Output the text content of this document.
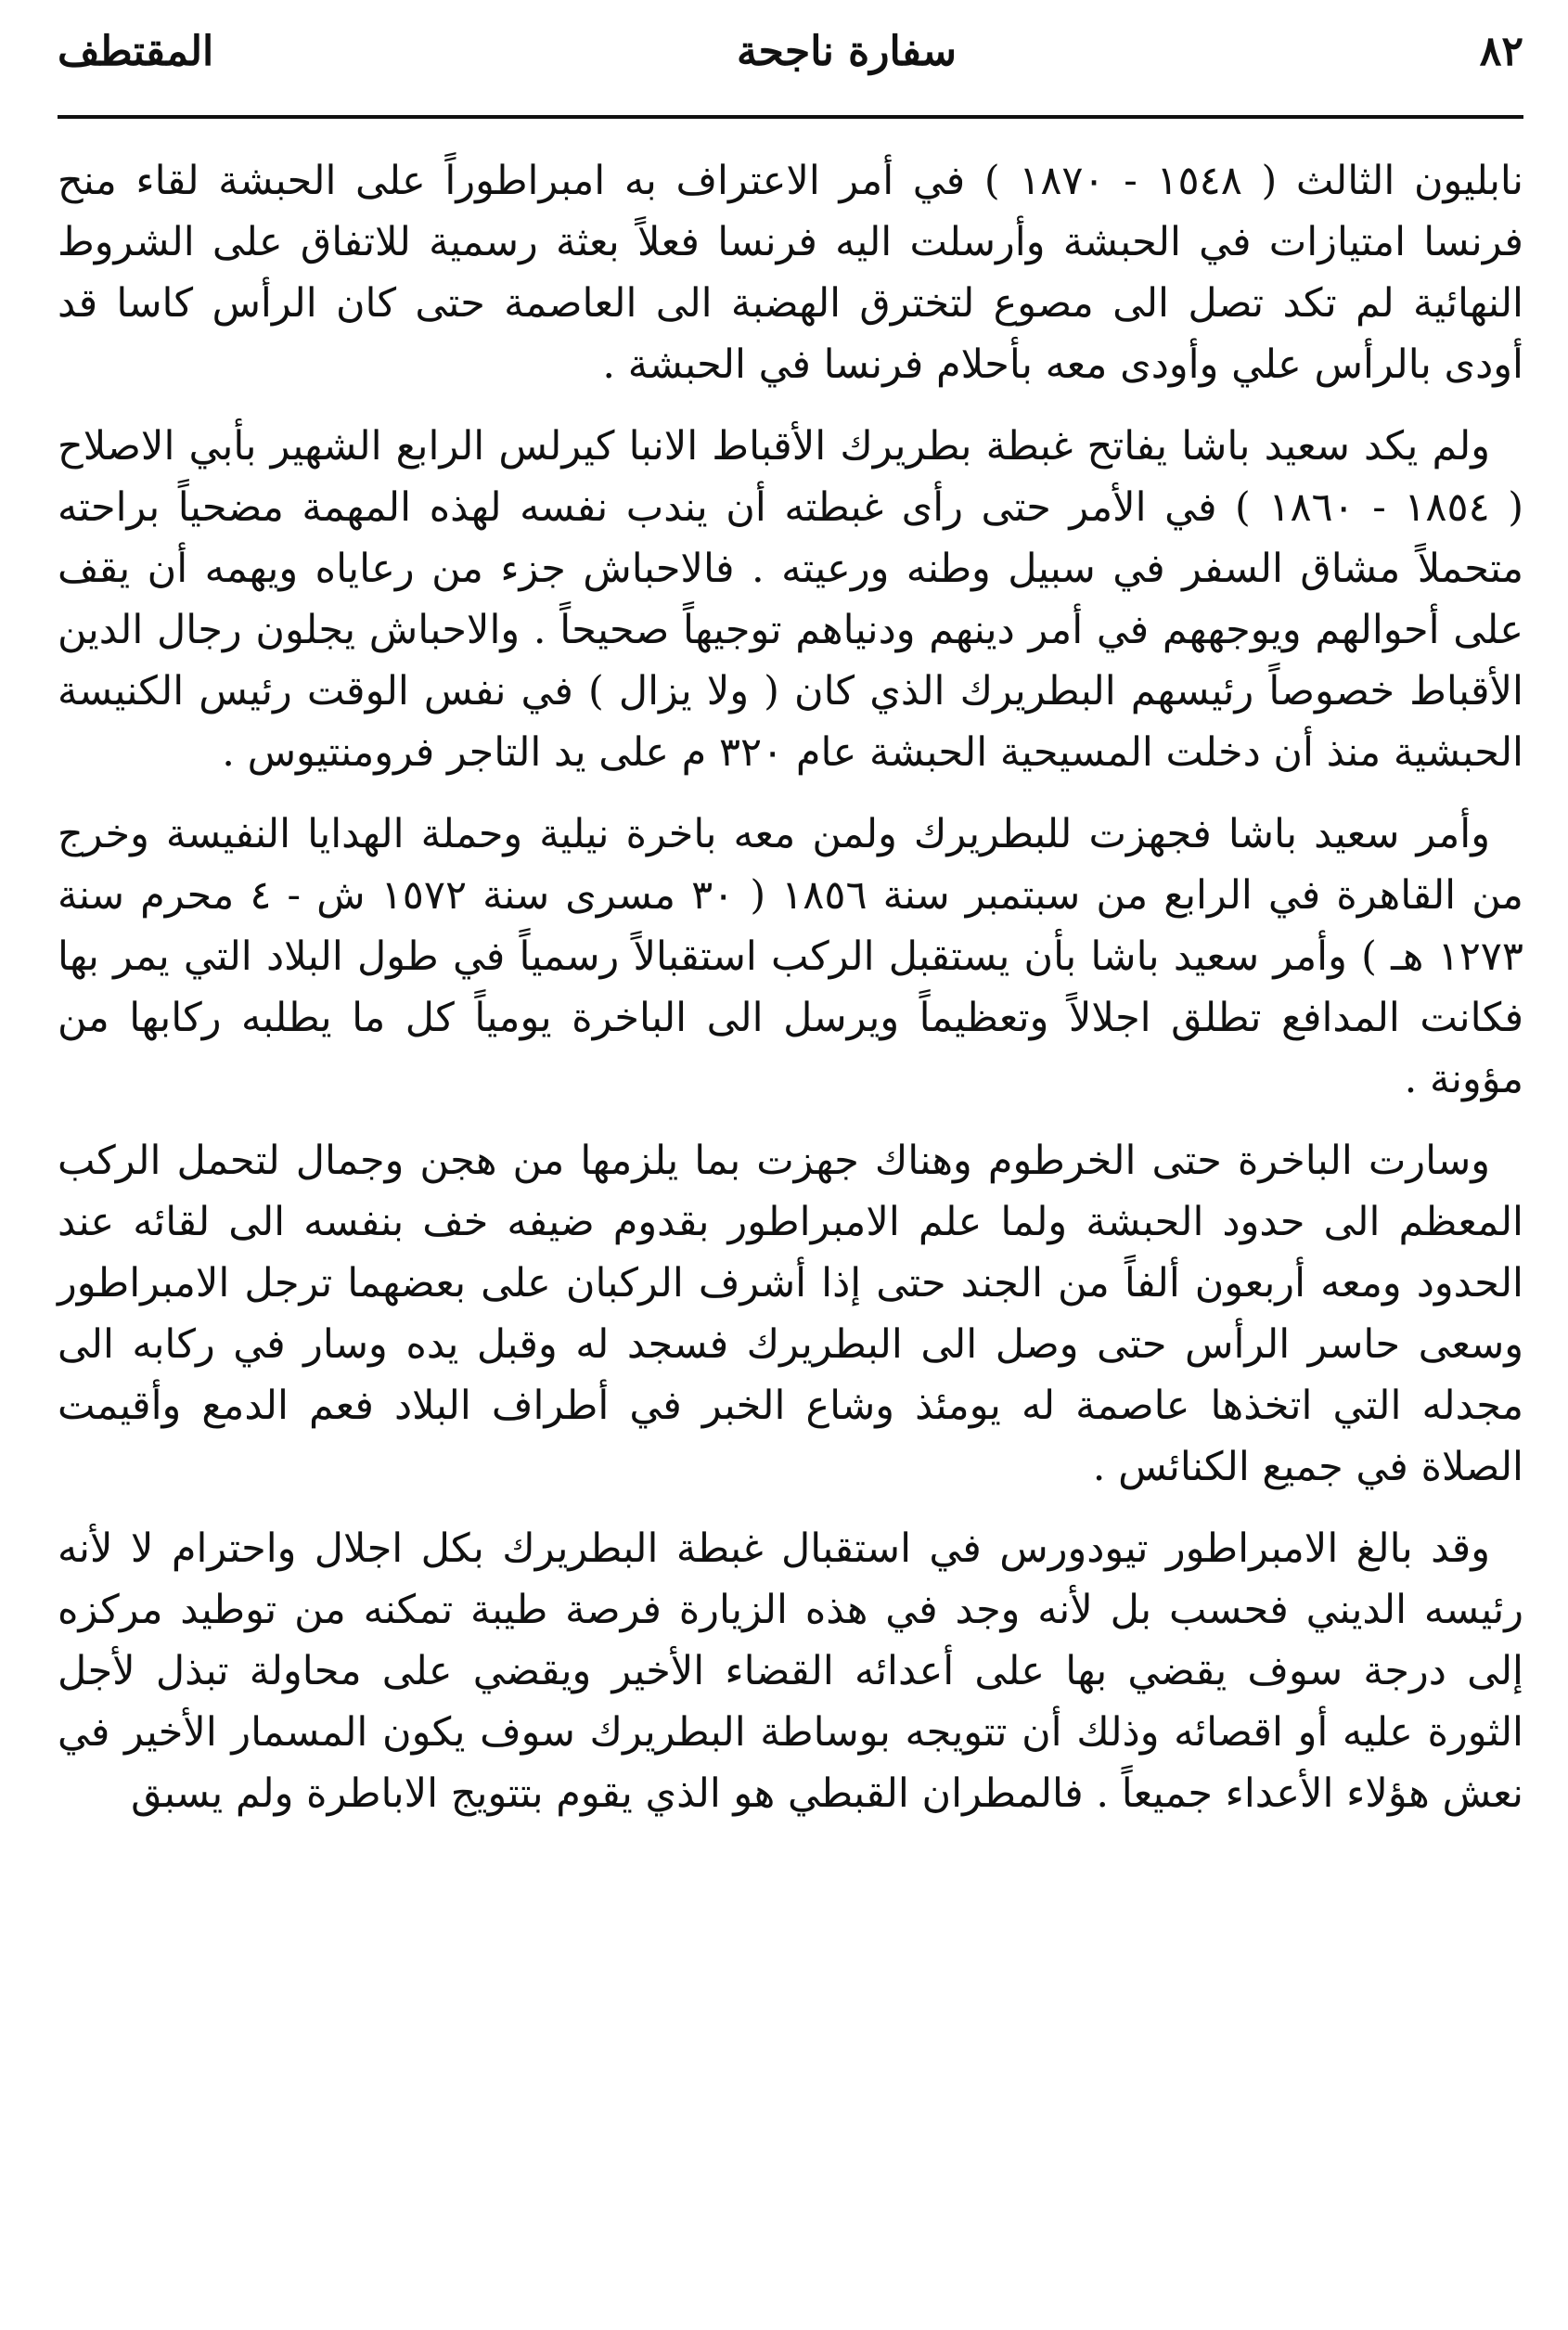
٨٢
سفارة ناجحة
المقتطف

نابليون الثالث ( ١٥٤٨ - ١٨٧٠ ) في أمر الاعتراف به امبراطوراً على الحبشة لقاء منح فرنسا امتيازات في الحبشة وأرسلت اليه فرنسا فعلاً بعثة رسمية للاتفاق على الشروط النهائية لم تكد تصل الى مصوع لتخترق الهضبة الى العاصمة حتى كان الرأس كاسا قد أودى بالرأس علي وأودى معه بأحلام فرنسا في الحبشة .

ولم يكد سعيد باشا يفاتح غبطة بطريرك الأقباط الانبا كيرلس الرابع الشهير بأبي الاصلاح ( ١٨٥٤ - ١٨٦٠ ) في الأمر حتى رأى غبطته أن يندب نفسه لهذه المهمة مضحياً براحته متحملاً مشاق السفر في سبيل وطنه ورعيته . فالاحباش جزء من رعاياه ويهمه أن يقف على أحوالهم ويوجههم في أمر دينهم ودنياهم توجيهاً صحيحاً . والاحباش يجلون رجال الدين الأقباط خصوصاً رئيسهم البطريرك الذي كان ( ولا يزال ) في نفس الوقت رئيس الكنيسة الحبشية منذ أن دخلت المسيحية الحبشة عام ٣٢٠ م على يد التاجر فرومنتيوس .

وأمر سعيد باشا فجهزت للبطريرك ولمن معه باخرة نيلية وحملة الهدايا النفيسة وخرج من القاهرة في الرابع من سبتمبر سنة ١٨٥٦ ( ٣٠ مسرى سنة ١٥٧٢ ش - ٤ محرم سنة ١٢٧٣ هـ ) وأمر سعيد باشا بأن يستقبل الركب استقبالاً رسمياً في طول البلاد التي يمر بها فكانت المدافع تطلق اجلالاً وتعظيماً ويرسل الى الباخرة يومياً كل ما يطلبه ركابها من مؤونة .

وسارت الباخرة حتى الخرطوم وهناك جهزت بما يلزمها من هجن وجمال لتحمل الركب المعظم الى حدود الحبشة ولما علم الامبراطور بقدوم ضيفه خف بنفسه الى لقائه عند الحدود ومعه أربعون ألفاً من الجند حتى إذا أشرف الركبان على بعضهما ترجل الامبراطور وسعى حاسر الرأس حتى وصل الى البطريرك فسجد له وقبل يده وسار في ركابه الى مجدله التي اتخذها عاصمة له يومئذ وشاع الخبر في أطراف البلاد فعم الدمع وأقيمت الصلاة في جميع الكنائس .

وقد بالغ الامبراطور تيودورس في استقبال غبطة البطريرك بكل اجلال واحترام لا لأنه رئيسه الديني فحسب بل لأنه وجد في هذه الزيارة فرصة طيبة تمكنه من توطيد مركزه إلى درجة سوف يقضي بها على أعدائه القضاء الأخير ويقضي على محاولة تبذل لأجل الثورة عليه أو اقصائه وذلك أن تتويجه بوساطة البطريرك سوف يكون المسمار الأخير في نعش هؤلاء الأعداء جميعاً . فالمطران القبطي هو الذي يقوم بتتويج الاباطرة ولم يسبق
